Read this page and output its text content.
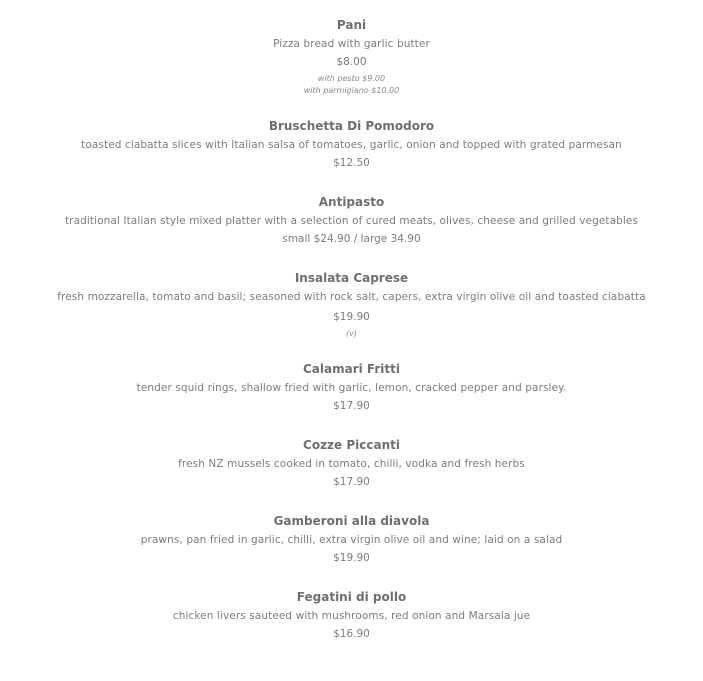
Pani
Pizza bread with garlic butter
$8.00
with pesto $9.00
with parmigiano $10.00
Bruschetta Di Pomodoro
toasted ciabatta slices with Italian salsa of tomatoes, garlic, onion and topped with grated parmesan
$12.50
Antipasto
traditional Italian style mixed platter with a selection of cured meats, olives, cheese and grilled vegetables
small $24.90 / large 34.90
Insalata Caprese
fresh mozzarella, tomato and basil; seasoned with rock salt, capers, extra virgin olive oil and toasted ciabatta
$19.90
(v)
Calamari Fritti
tender squid rings, shallow fried with garlic, lemon, cracked pepper and parsley.
$17.90
Cozze Piccanti
fresh NZ mussels cooked in tomato, chilli, vodka and fresh herbs
$17.90
Gamberoni alla diavola
prawns, pan fried in garlic, chilli, extra virgin olive oil and wine; laid on a salad
$19.90
Fegatini di pollo
chicken livers sauteed with mushrooms, red onion and Marsala jue
$16.90
